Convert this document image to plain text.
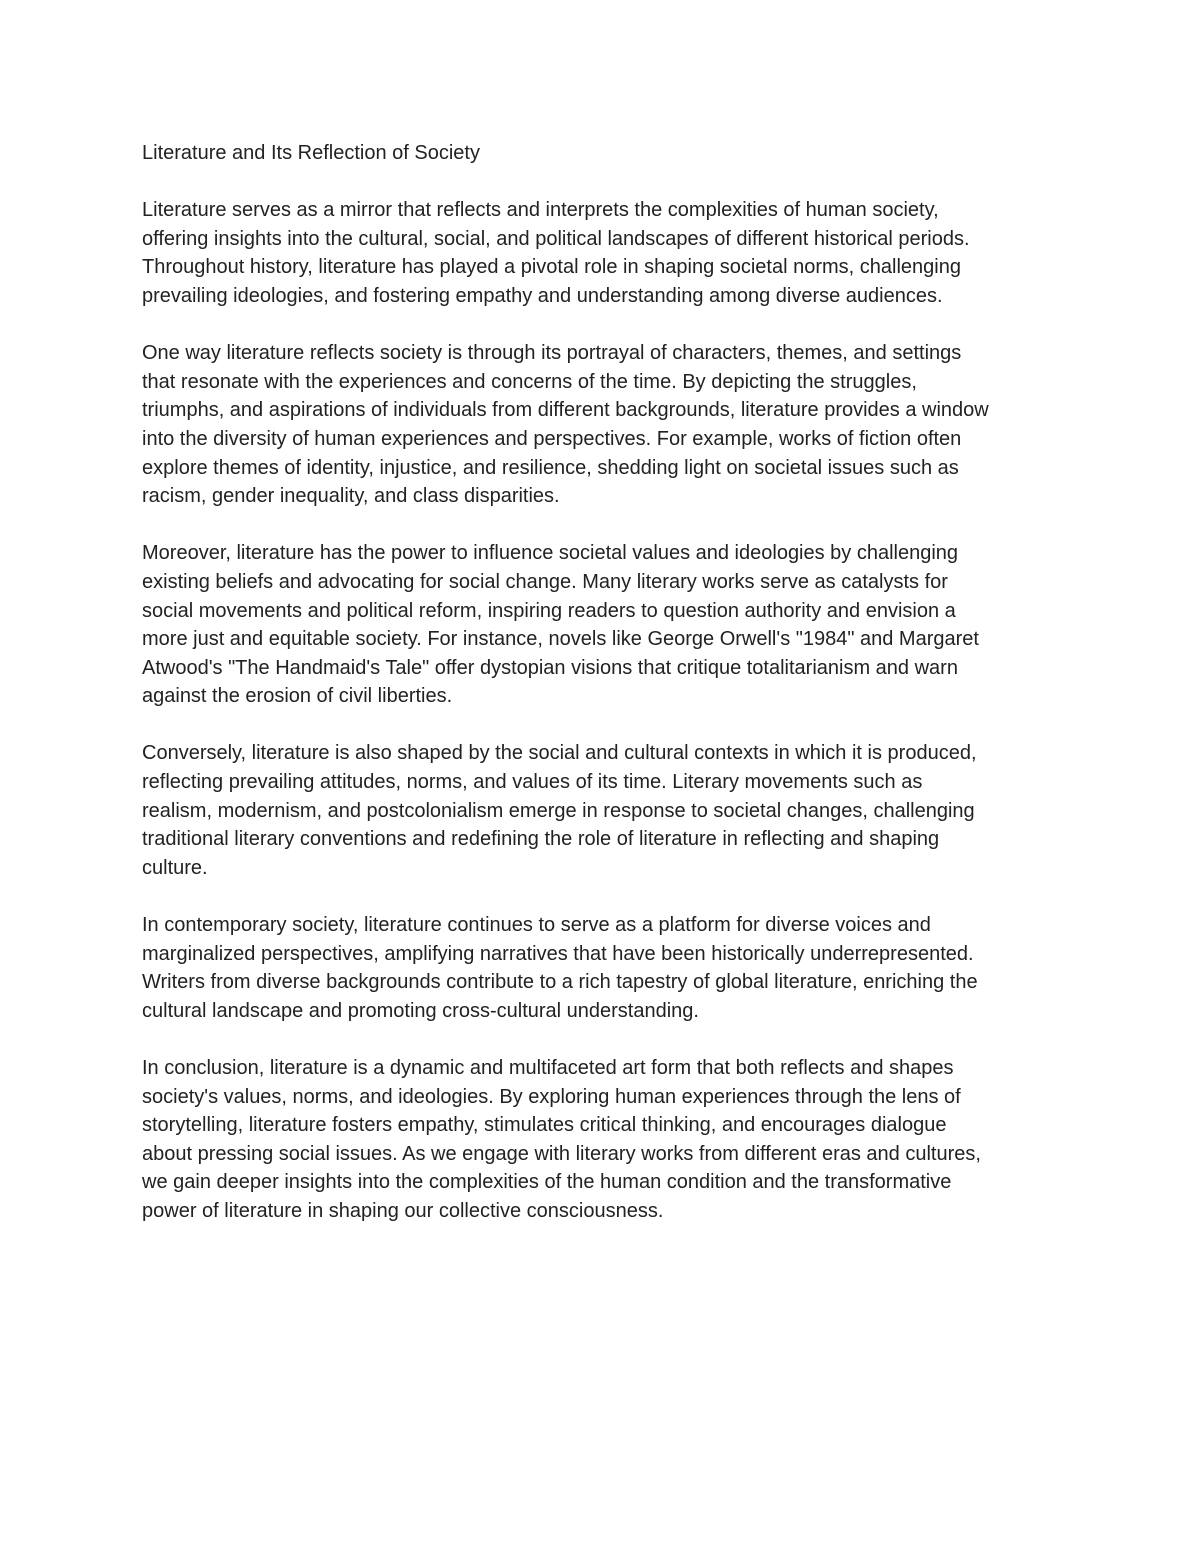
Literature and Its Reflection of Society
Literature serves as a mirror that reflects and interprets the complexities of human society,
offering insights into the cultural, social, and political landscapes of different historical periods.
Throughout history, literature has played a pivotal role in shaping societal norms, challenging
prevailing ideologies, and fostering empathy and understanding among diverse audiences.
One way literature reflects society is through its portrayal of characters, themes, and settings
that resonate with the experiences and concerns of the time. By depicting the struggles,
triumphs, and aspirations of individuals from different backgrounds, literature provides a window
into the diversity of human experiences and perspectives. For example, works of fiction often
explore themes of identity, injustice, and resilience, shedding light on societal issues such as
racism, gender inequality, and class disparities.
Moreover, literature has the power to influence societal values and ideologies by challenging
existing beliefs and advocating for social change. Many literary works serve as catalysts for
social movements and political reform, inspiring readers to question authority and envision a
more just and equitable society. For instance, novels like George Orwell's "1984" and Margaret
Atwood's "The Handmaid's Tale" offer dystopian visions that critique totalitarianism and warn
against the erosion of civil liberties.
Conversely, literature is also shaped by the social and cultural contexts in which it is produced,
reflecting prevailing attitudes, norms, and values of its time. Literary movements such as
realism, modernism, and postcolonialism emerge in response to societal changes, challenging
traditional literary conventions and redefining the role of literature in reflecting and shaping
culture.
In contemporary society, literature continues to serve as a platform for diverse voices and
marginalized perspectives, amplifying narratives that have been historically underrepresented.
Writers from diverse backgrounds contribute to a rich tapestry of global literature, enriching the
cultural landscape and promoting cross-cultural understanding.
In conclusion, literature is a dynamic and multifaceted art form that both reflects and shapes
society's values, norms, and ideologies. By exploring human experiences through the lens of
storytelling, literature fosters empathy, stimulates critical thinking, and encourages dialogue
about pressing social issues. As we engage with literary works from different eras and cultures,
we gain deeper insights into the complexities of the human condition and the transformative
power of literature in shaping our collective consciousness.
